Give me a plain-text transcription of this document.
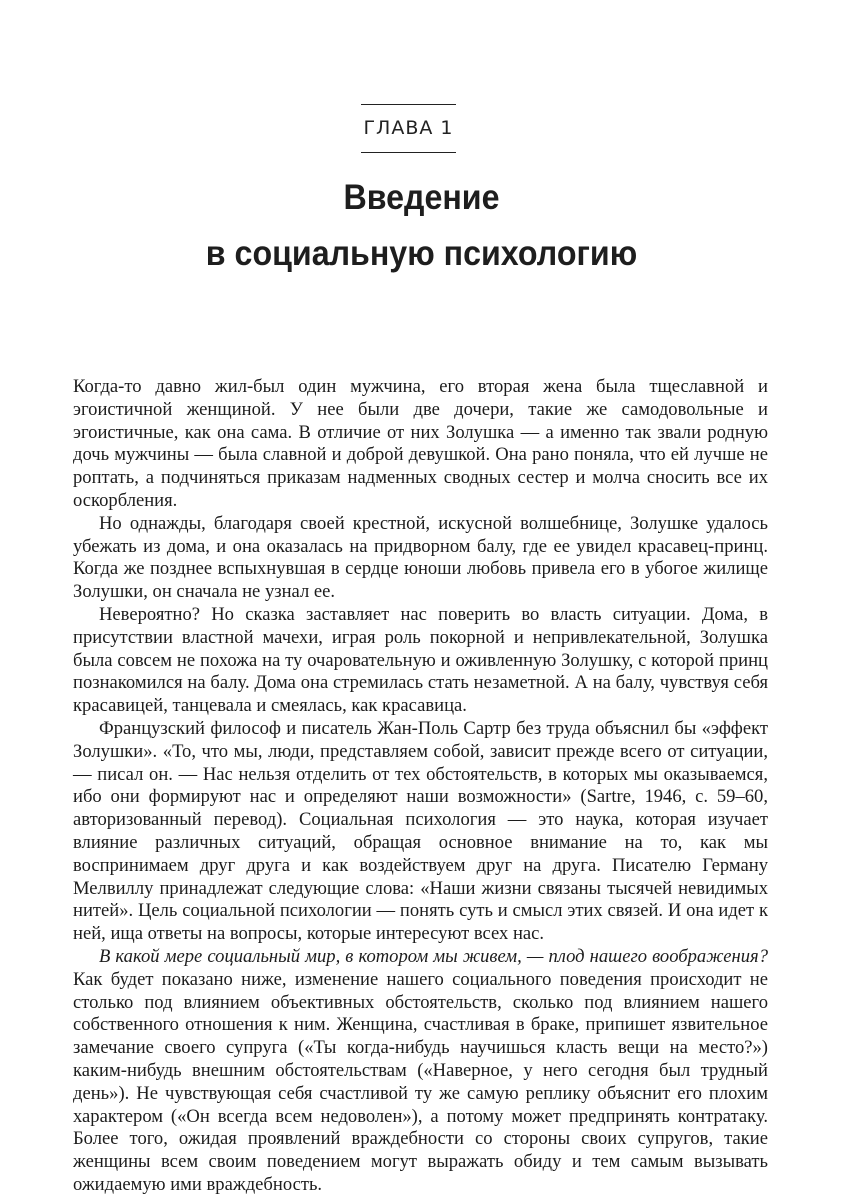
ГЛАВА 1
Введение
в социальную психологию

Когда-то давно жил-был один мужчина, его вторая жена была тщеславной и эгоистичной женщиной. У нее были две дочери, такие же самодовольные и эгоистичные, как она сама. В отличие от них Золушка — а именно так звали родную дочь мужчины — была славной и доброй девушкой. Она рано поняла, что ей лучше не роптать, а подчиняться приказам надменных сводных сестер и молча сносить все их оскорбления.

Но однажды, благодаря своей крестной, искусной волшебнице, Золушке удалось убежать из дома, и она оказалась на придворном балу, где ее увидел красавец-принц. Когда же позднее вспыхнувшая в сердце юноши любовь привела его в убогое жилище Золушки, он сначала не узнал ее.

Невероятно? Но сказка заставляет нас поверить во власть ситуации. Дома, в присутствии властной мачехи, играя роль покорной и непривлекательной, Золушка была совсем не похожа на ту очаровательную и оживленную Золушку, с которой принц познакомился на балу. Дома она стремилась стать незаметной. А на балу, чувствуя себя красавицей, танцевала и смеялась, как красавица.

Французский философ и писатель Жан-Поль Сартр без труда объяснил бы «эффект Золушки». «То, что мы, люди, представляем собой, зависит прежде всего от ситуации, — писал он. — Нас нельзя отделить от тех обстоятельств, в которых мы оказываемся, ибо они формируют нас и определяют наши возможности» (Sartre, 1946, с. 59–60, авторизованный перевод). Социальная психология — это наука, которая изучает влияние различных ситуаций, обращая основное внимание на то, как мы воспринимаем друг друга и как воздействуем друг на друга. Писателю Герману Мелвиллу принадлежат следующие слова: «Наши жизни связаны тысячей невидимых нитей». Цель социальной психологии — понять суть и смысл этих связей. И она идет к ней, ища ответы на вопросы, которые интересуют всех нас.

В какой мере социальный мир, в котором мы живем, — плод нашего воображения? Как будет показано ниже, изменение нашего социального поведения происходит не столько под влиянием объективных обстоятельств, сколько под влиянием нашего собственного отношения к ним. Женщина, счастливая в браке, припишет язвительное замечание своего супруга («Ты когда-нибудь научишься класть вещи на место?») каким-нибудь внешним обстоятельствам («Наверное, у него сегодня был трудный день»). Не чувствующая себя счастливой ту же самую реплику объяснит его плохим характером («Он всегда всем недоволен»), а потому может предпринять контратаку. Более того, ожидая проявлений враждебности со стороны своих супругов, такие женщины всем своим поведением могут выражать обиду и тем самым вызывать ожидаемую ими враждебность.
